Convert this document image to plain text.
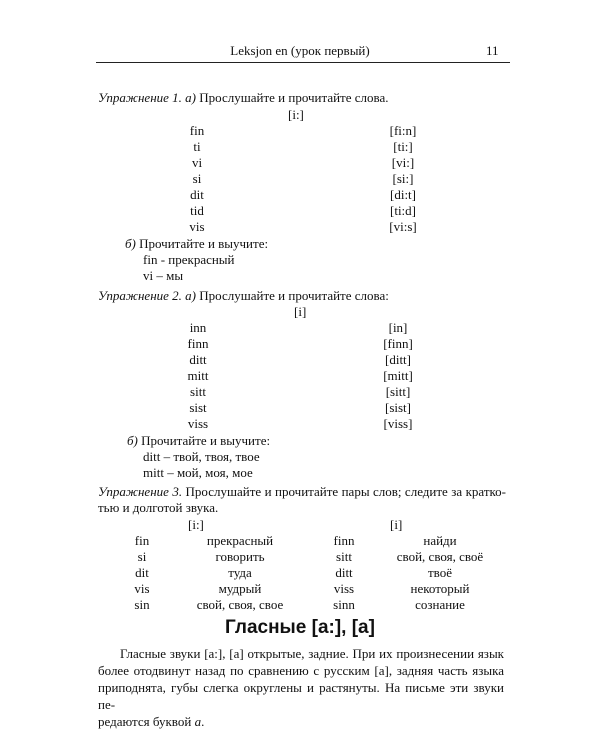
Leksjon en (урок первый)	11
Упражнение 1. а) Прослушайте и прочитайте слова.
[i:]
fin
ti
vi
si
dit
tid
vis
[fi:n]
[ti:]
[vi:]
[si:]
[di:t]
[ti:d]
[vi:s]
б) Прочитайте и выучите:
fin - прекрасный
vi – мы
Упражнение 2. а) Прослушайте и прочитайте слова:
[i]
inn
finn
ditt
mitt
sitt
sist
viss
[in]
[finn]
[ditt]
[mitt]
[sitt]
[sist]
[viss]
б) Прочитайте и выучите:
ditt – твой, твоя, твое
mitt – мой, моя, мое
Упражнение 3. Прослушайте и прочитайте пары слов; следите за кратко-
тью и долготой звука.
[i:]	[i]
fin
si
dit
vis
sin
прекрасный
говорить
туда
мудрый
свой, своя, свое
finn
sitt
ditt
viss
sinn
найди
свой, своя, своё
твоё
некоторый
сознание
Гласные [a:], [a]
Гласные звуки [a:], [a] открытые, задние. При их произнесении язык
более отодвинут назад по сравнению с русским [а], задняя часть языка
приподнята, губы слегка округлены и растянуты. На письме эти звуки пе-
редаются буквой a.
